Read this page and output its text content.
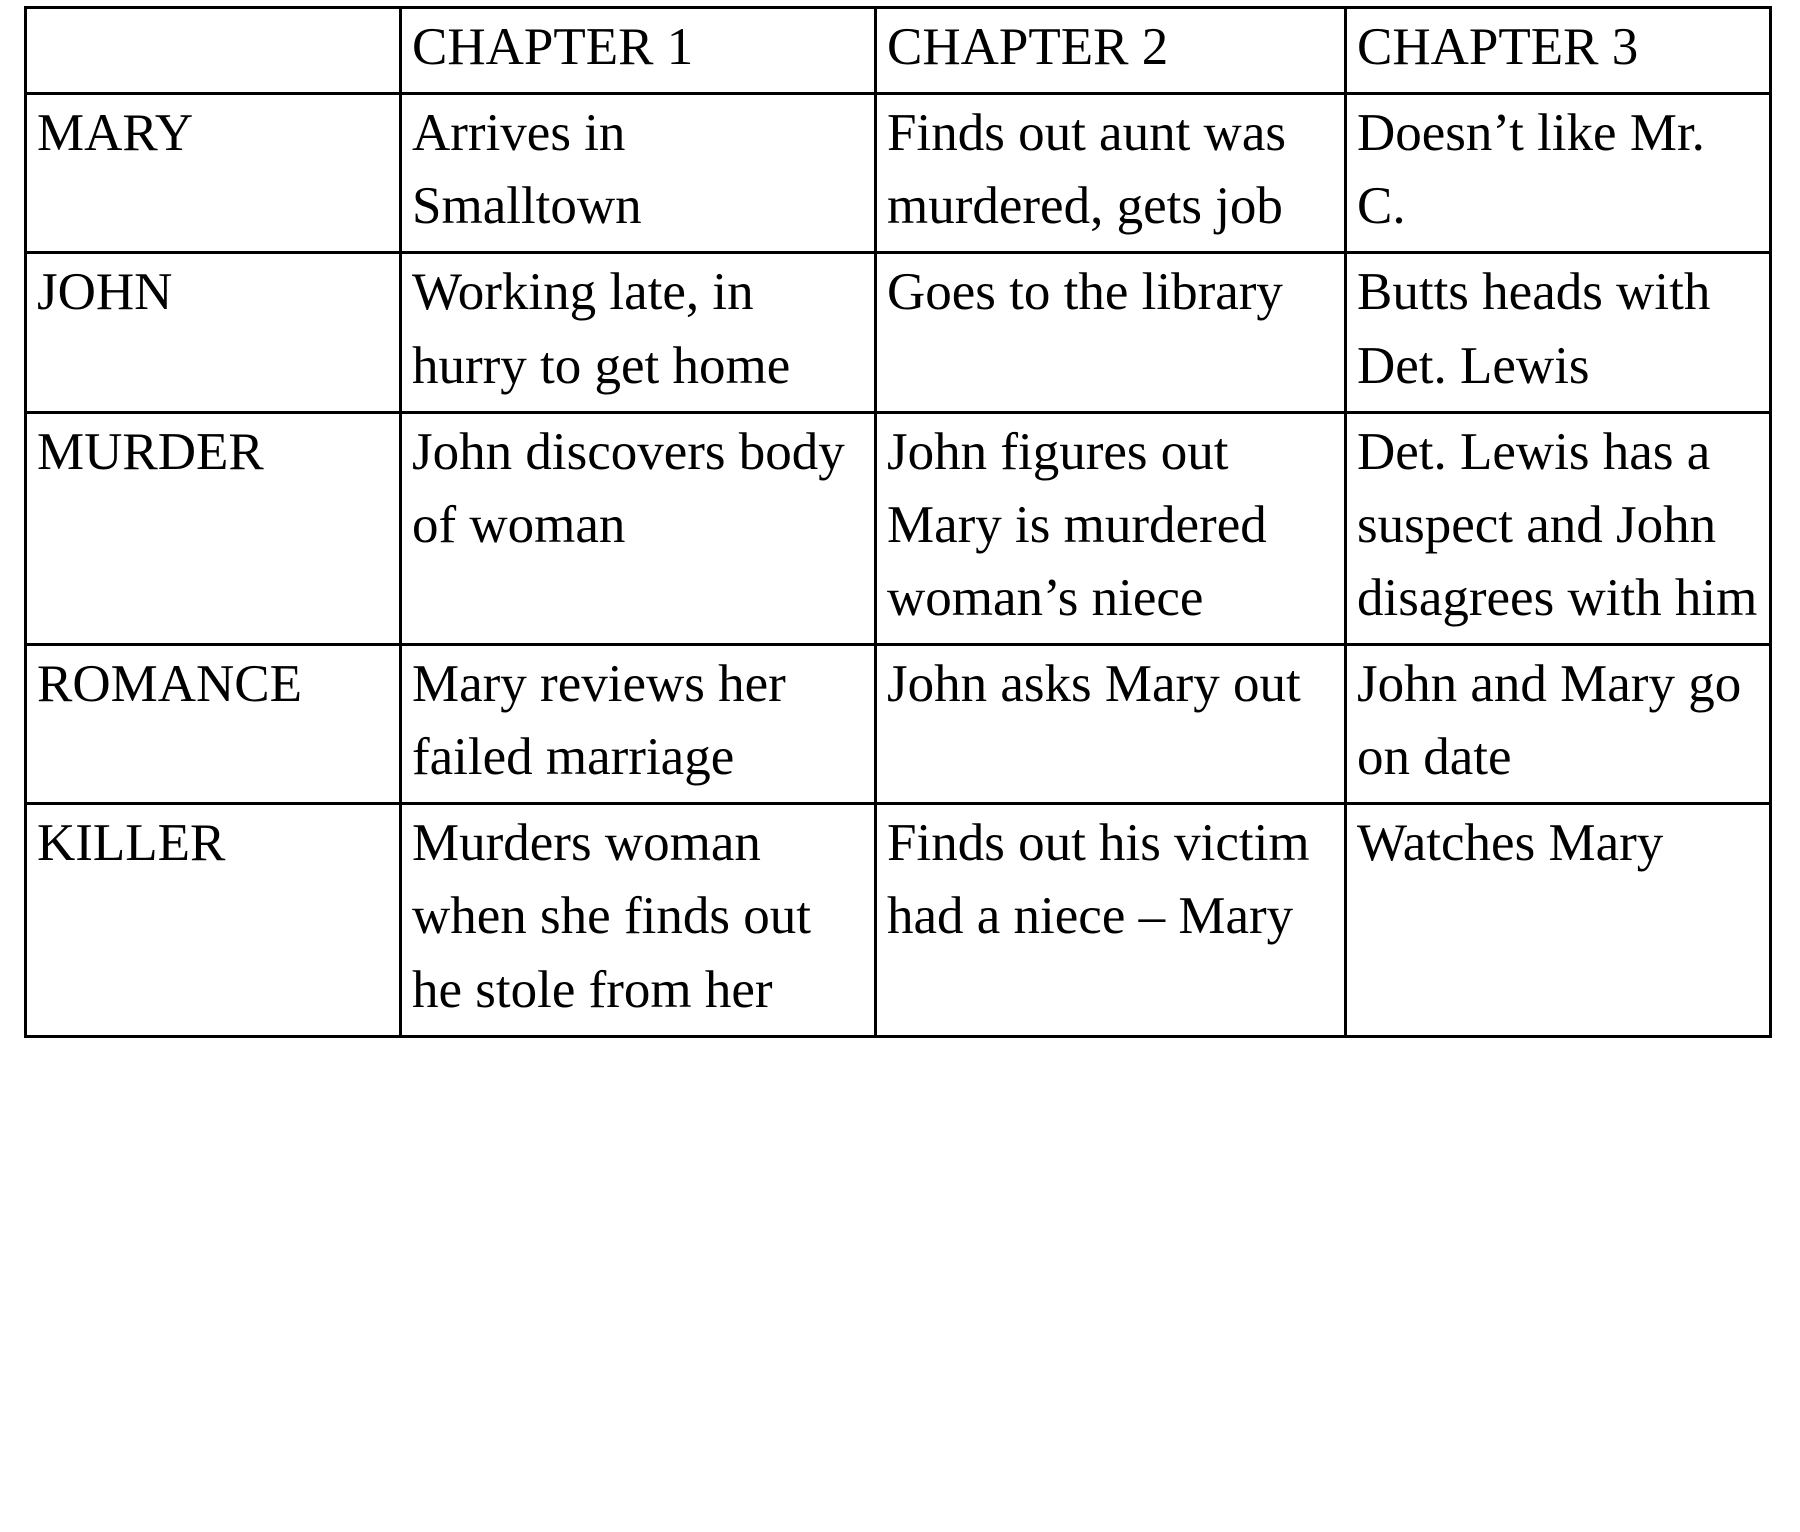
	CHAPTER 1	CHAPTER 2	CHAPTER 3
MARY	Arrives in Smalltown	Finds out aunt was murdered, gets job	Doesn’t like Mr. C.
JOHN	Working late, in hurry to get home	Goes to the library	Butts heads with Det. Lewis
MURDER	John discovers body of woman	John figures out Mary is murdered woman’s niece	Det. Lewis has a suspect and John disagrees with him
ROMANCE	Mary reviews her failed marriage	John asks Mary out	John and Mary go on date
KILLER	Murders woman when she finds out he stole from her	Finds out his victim had a niece – Mary	Watches Mary
